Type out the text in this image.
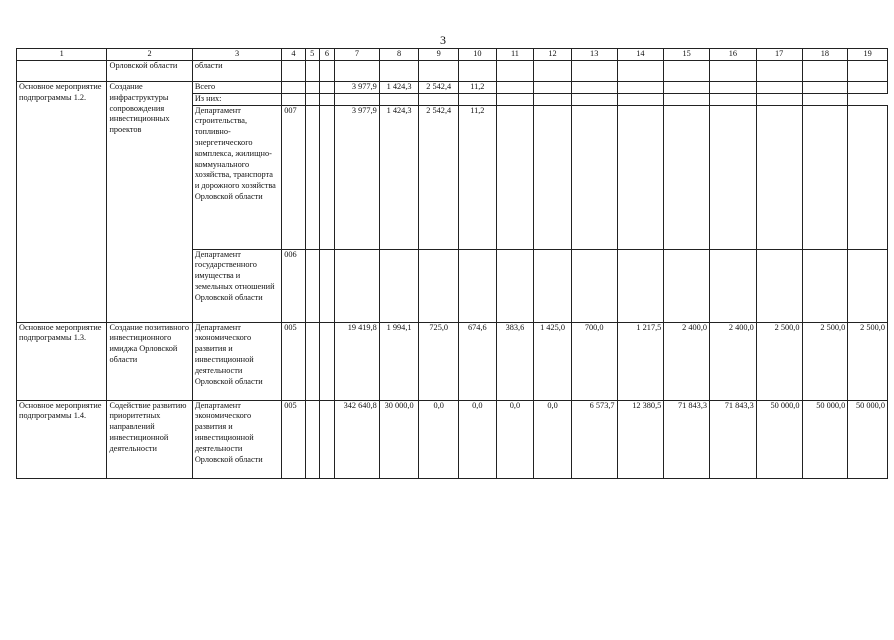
3
1	2	3	4	5	6	7	8	9	10	11	12	13	14	15	16	17	18	19
	Орловской области	области																
Основное мероприятие подпрограммы 1.2.	Создание инфраструктуры сопровождения инвестиционных проектов	Всего				3 977,9	1 424,3	2 542,4	11,2									
		Из них:																
		Департамент строительства, топливно-энергетического комплекса, жилищно-коммунального хозяйства, транспорта и дорожного хозяйства Орловской области	007			3 977,9	1 424,3	2 542,4	11,2									
		Департамент государственного имущества и земельных отношений Орловской области	006															
Основное мероприятие подпрограммы 1.3.	Создание позитивного инвестиционного имиджа Орловской области	Департамент экономического развития и инвестиционной деятельности Орловской области	005			19 419,8	1 994,1	725,0	674,6	383,6	1 425,0	700,0	1 217,5	2 400,0	2 400,0	2 500,0	2 500,0	2 500,0
Основное мероприятие подпрограммы 1.4.	Содействие развитию приоритетных направлений инвестиционной деятельности	Департамент экономического развития и инвестиционной деятельности Орловской области	005			342 640,8	30 000,0	0,0	0,0	0,0	0,0	6 573,7	12 380,5	71 843,3	71 843,3	50 000,0	50 000,0	50 000,0
